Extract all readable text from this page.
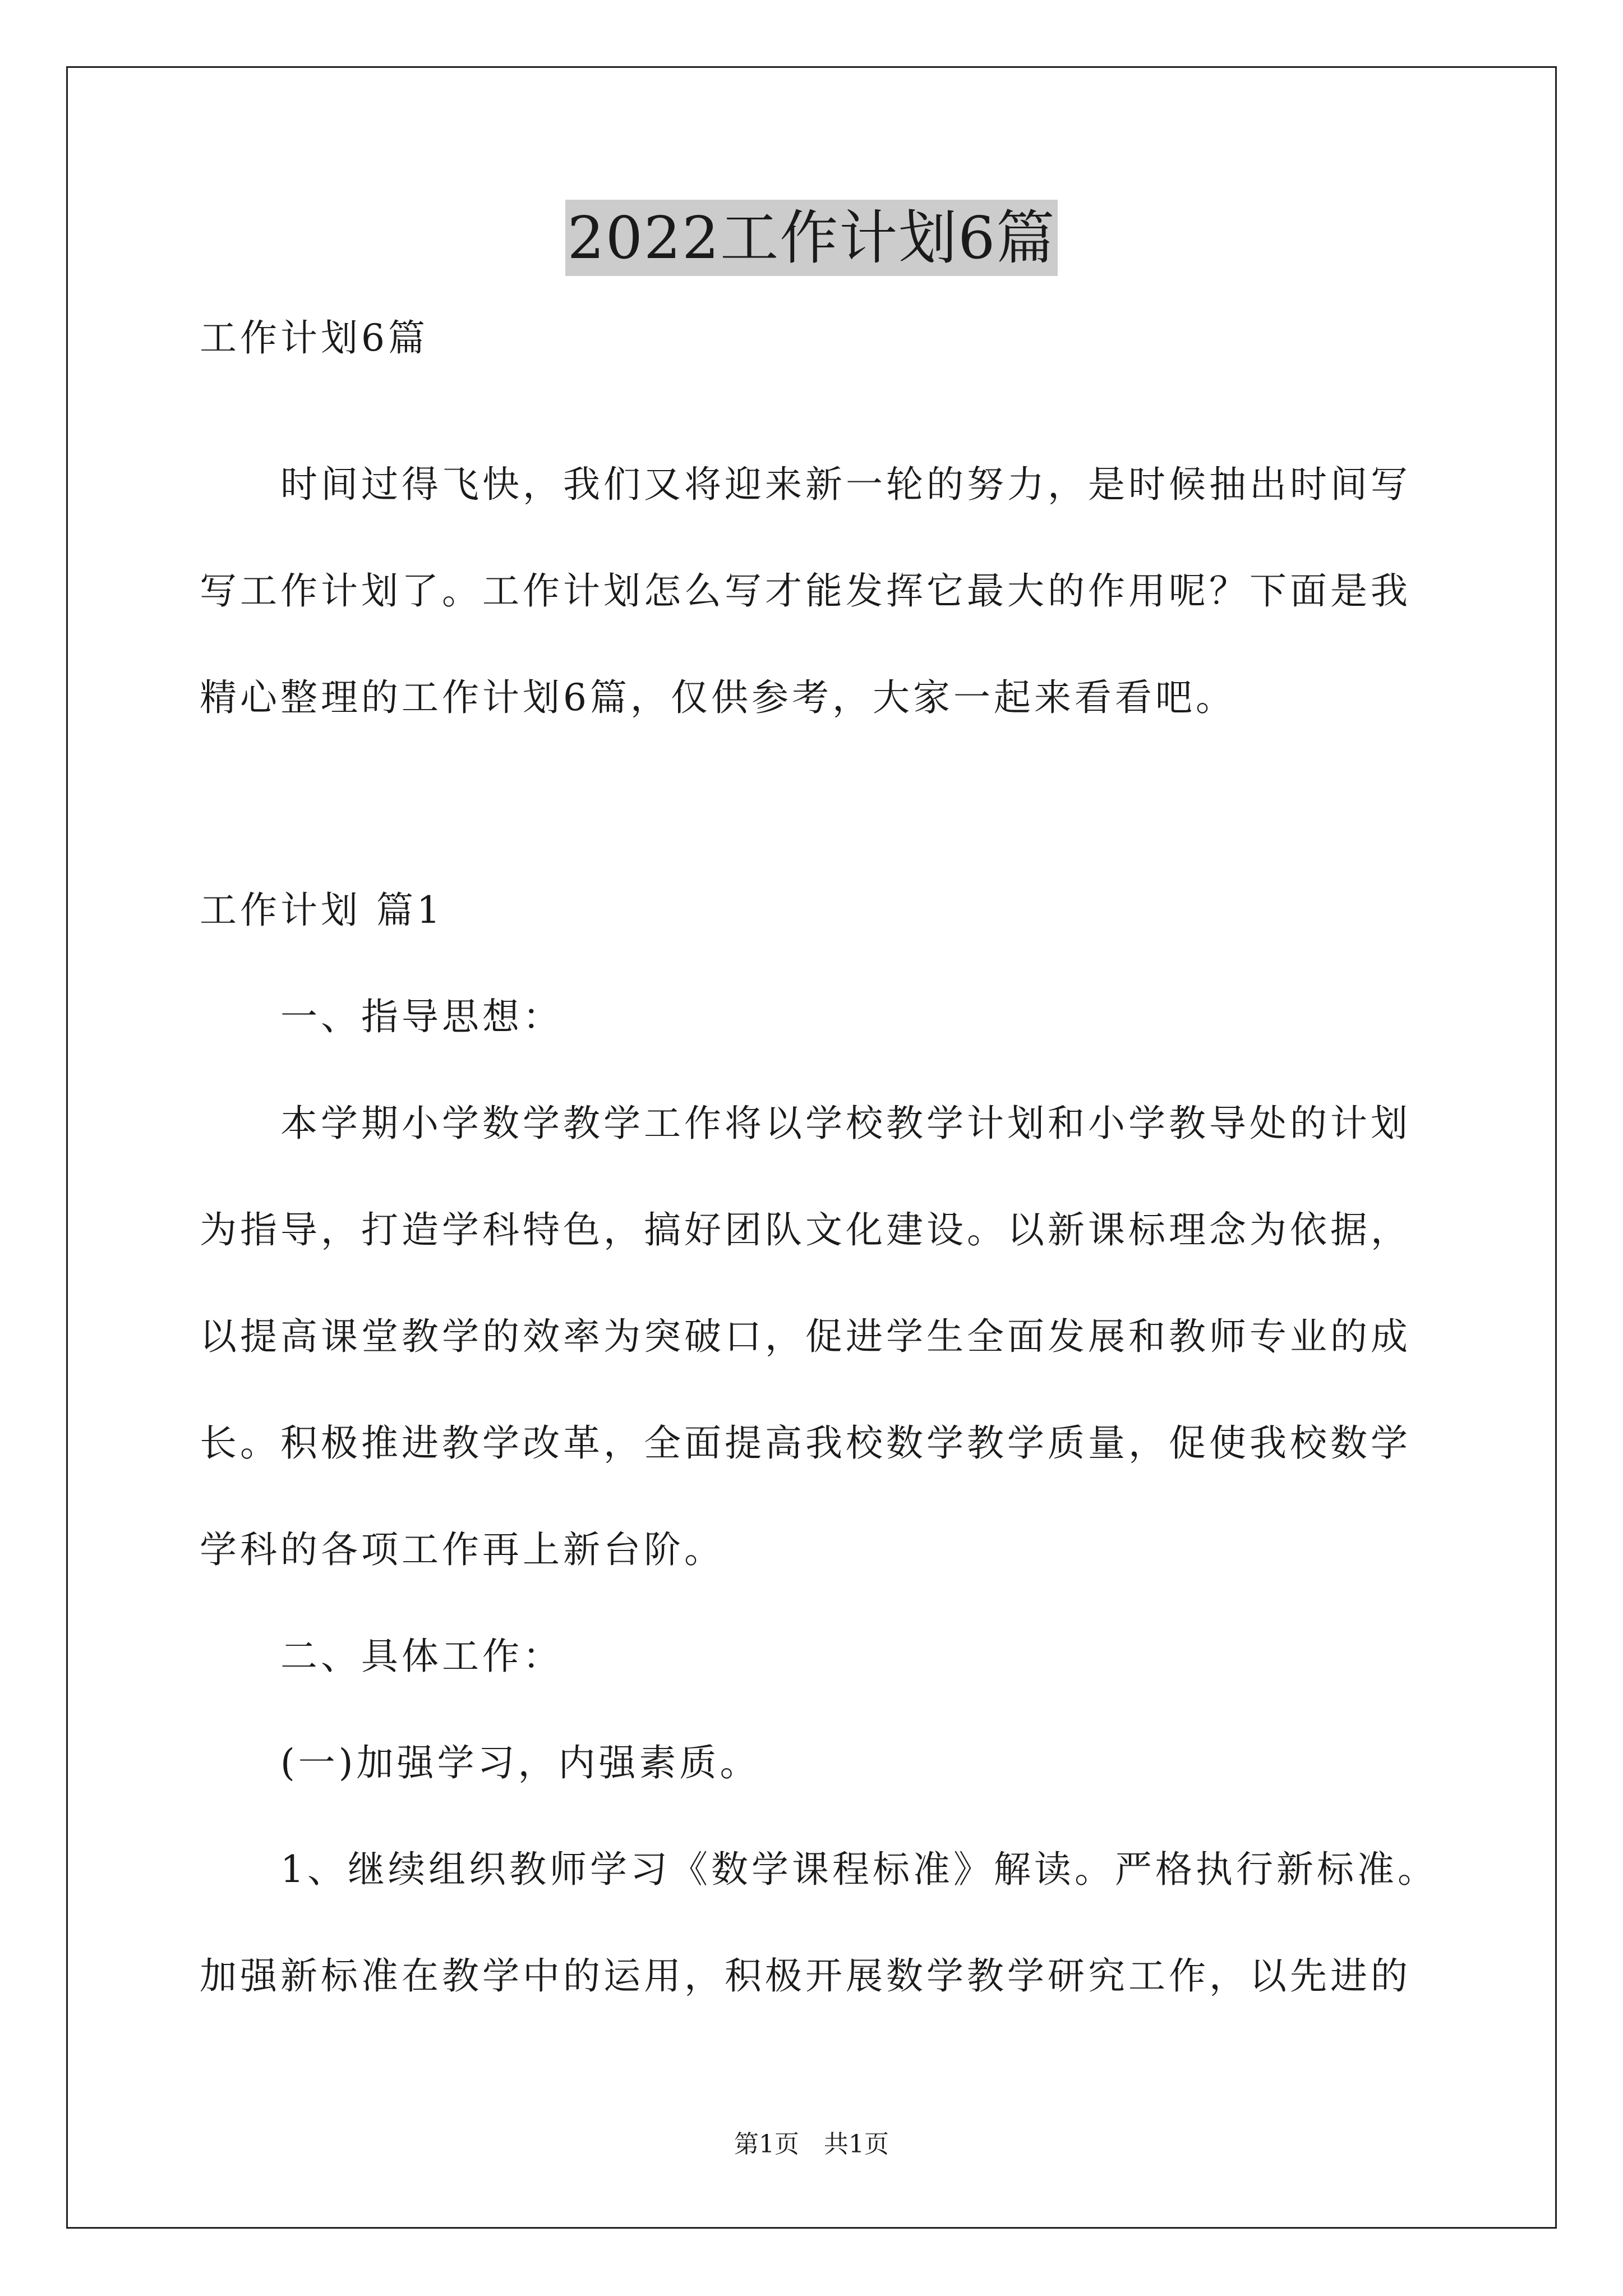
2022工作计划6篇
工作计划6篇
时间过得飞快，我们又将迎来新一轮的努力，是时候抽出时间写
写工作计划了。工作计划怎么写才能发挥它最大的作用呢？下面是我
精心整理的工作计划6篇，仅供参考，大家一起来看看吧。
工作计划 篇1
一、指导思想：
本学期小学数学教学工作将以学校教学计划和小学教导处的计划
为指导，打造学科特色，搞好团队文化建设。以新课标理念为依据，
以提高课堂教学的效率为突破口，促进学生全面发展和教师专业的成
长。积极推进教学改革，全面提高我校数学教学质量，促使我校数学
学科的各项工作再上新台阶。
二、具体工作：
(一)加强学习，内强素质。
1、继续组织教师学习《数学课程标准》解读。严格执行新标准。
加强新标准在教学中的运用，积极开展数学教学研究工作，以先进的
第1页　共1页
